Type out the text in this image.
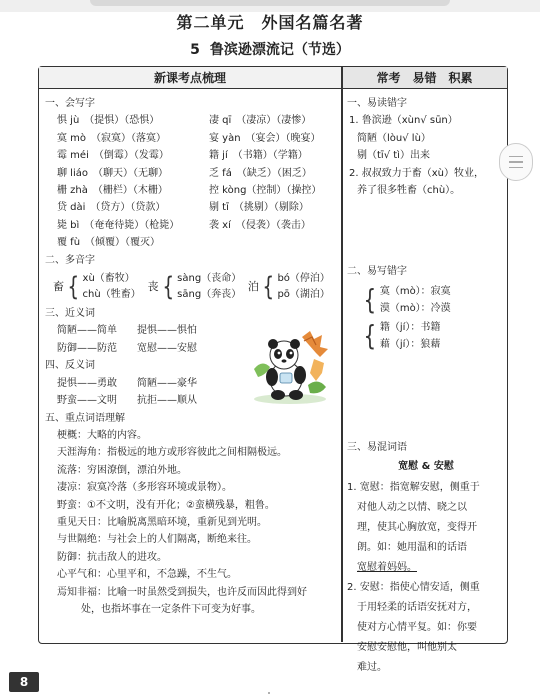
第二单元　外国名篇名著
5 鲁滨逊漂流记（节选）
新课考点梳理	常考　易错　积累
一、会写字
惧 jù　（提惧）（恐惧）	凄 qī　（凄凉）（凄惨）
寞 mò　（寂寞）（落寞）	宴 yàn　（宴会）（晚宴）
霉 méi　（倒霉）（发霉）	籍 jí　（书籍）（学籍）
聊 liáo　（聊天）（无聊）	乏 fá　（缺乏）（困乏）
栅 zhà　（栅栏）（木栅）	控 kòng（控制）（操控）
贷 dài　（贷方）（贷款）	剔 tī　（挑剔）（剔除）
毙 bì　（奄奄待毙）（枪毙）	袭 xí　（侵袭）（袭击）
覆 fù　（倾覆）（覆灭）	
二、多音字
畜 { xù（畜牧）
chù（牲畜）
丧 { sàng（丧命）
sāng（奔丧）
泊 { bó（停泊）
pō（湖泊）
三、近义词
简陋——简单	提惧——惧怕
防御——防范	宽慰——安慰
四、反义词
提惧——勇敢	简陋——豪华
野蛮——文明	抗拒——顺从
五、重点词语理解
梗概：大略的内容。
天涯海角：指极远的地方或形容彼此之间相隔极远。
流落：穷困潦倒，漂泊外地。
凄凉：寂寞冷落（多形容环境或景物）。
野蛮：①不文明，没有开化；②蛮横残暴，粗鲁。
重见天日：比喻脱离黑暗环境，重新见到光明。
与世隔绝：与社会上的人们隔离，断绝来往。
防御：抗击敌人的进攻。
心平气和：心里平和，不急躁，不生气。
焉知非福：比喻一时虽然受到损失，也许反而因此得到好
处，也指坏事在一定条件下可变为好事。
一、易读错字
1. 鲁滨逊（xùn√ sūn）
简陋（lòu√ lù）
剔（tī√ tì）出来
2. 叔叔致力于畜（xù）牧业，
养了很多牲畜（chù）。
二、易写错字
{ 寞（mò）：寂寞
漠（mò）：冷漠
{ 籍（jí）：书籍
藉（jí）：狼藉
三、易混词语
宽慰 & 安慰
1. 宽慰：指宽解安慰，侧重于
对他人动之以情、晓之以
理，使其心胸放宽，变得开
朗。如：她用温和的话语
宽慰着妈妈。
2. 安慰：指使心情安适，侧重
于用轻柔的话语安抚对方，
使对方心情平复。如：你要
安慰安慰他，叫他别太
难过。
8
